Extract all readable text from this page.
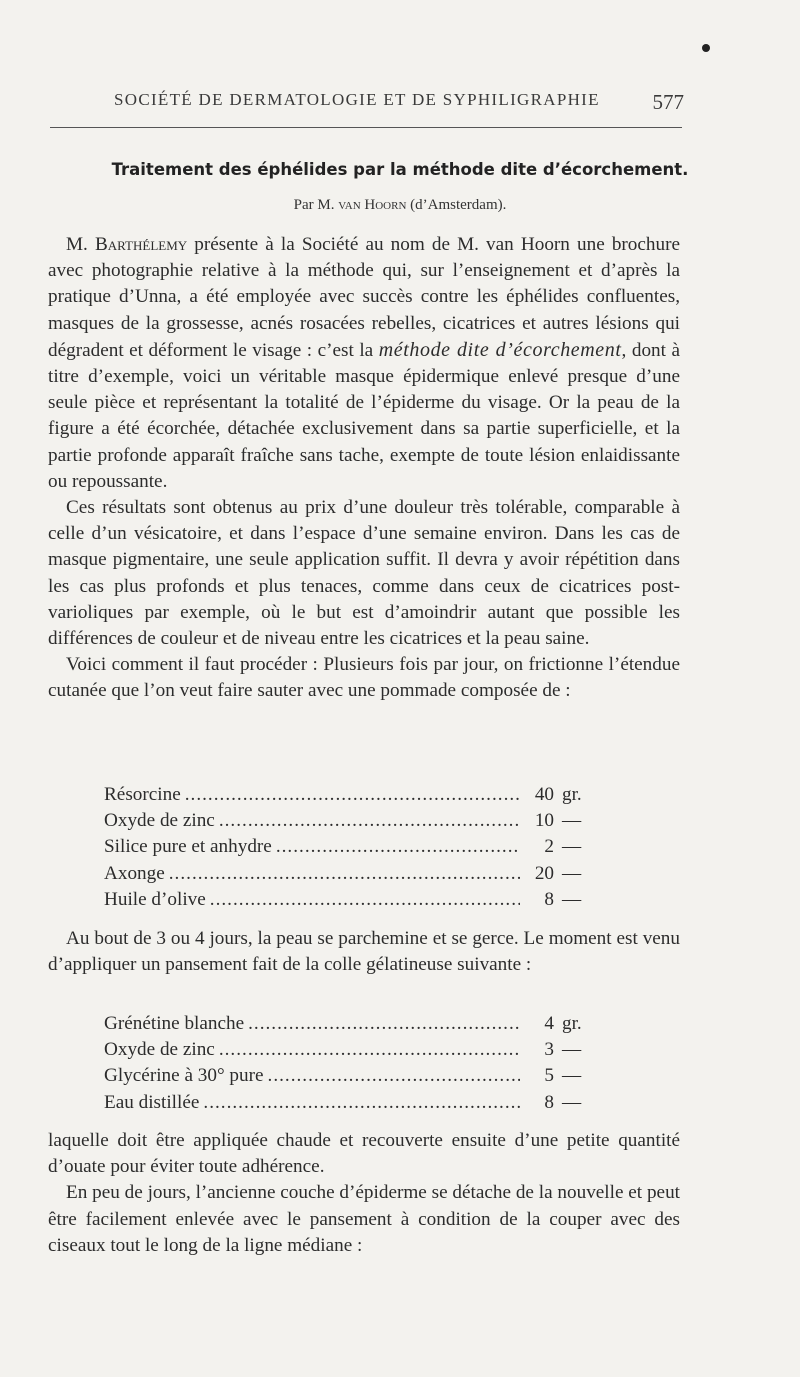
SOCIÉTÉ DE DERMATOLOGIE ET DE SYPHILIGRAPHIE	577
Traitement des éphélides par la méthode dite d’écorchement.
Par M. van Hoorn (d’Amsterdam).

M. Barthélemy présente à la Société au nom de M. van Hoorn une brochure avec photographie relative à la méthode qui, sur l’enseignement et d’après la pratique d’Unna, a été employée avec succès contre les éphélides confluentes, masques de la grossesse, acnés rosacées rebelles, cicatrices et autres lésions qui dégradent et déforment le visage : c’est la méthode dite d’écorchement, dont à titre d’exemple, voici un véritable masque épidermique enlevé presque d’une seule pièce et représentant la totalité de l’épiderme du visage. Or la peau de la figure a été écorchée, détachée exclusivement dans sa partie superficielle, et la partie profonde apparaît fraîche sans tache, exempte de toute lésion enlaidissante ou repoussante.

Ces résultats sont obtenus au prix d’une douleur très tolérable, comparable à celle d’un vésicatoire, et dans l’espace d’une semaine environ. Dans les cas de masque pigmentaire, une seule application suffit. Il devra y avoir répétition dans les cas plus profonds et plus tenaces, comme dans ceux de cicatrices post-varioliques par exemple, où le but est d’amoindrir autant que possible les différences de couleur et de niveau entre les cicatrices et la peau saine.

Voici comment il faut procéder : Plusieurs fois par jour, on frictionne l’étendue cutanée que l’on veut faire sauter avec une pommade composée de :

Résorcine .....	40 gr.
Oxyde de zinc .....	10 —
Silice pure et anhydre .....	2 —
Axonge .....	20 —
Huile d’olive .....	8 —

Au bout de 3 ou 4 jours, la peau se parchemine et se gerce. Le moment est venu d’appliquer un pansement fait de la colle gélatineuse suivante :

Grénétine blanche .....	4 gr.
Oxyde de zinc .....	3 —
Glycérine à 30° pure .....	5 —
Eau distillée .....	8 —

laquelle doit être appliquée chaude et recouverte ensuite d’une petite quantité d’ouate pour éviter toute adhérence.

En peu de jours, l’ancienne couche d’épiderme se détache de la nouvelle et peut être facilement enlevée avec le pansement à condition de la couper avec des ciseaux tout le long de la ligne médiane :
